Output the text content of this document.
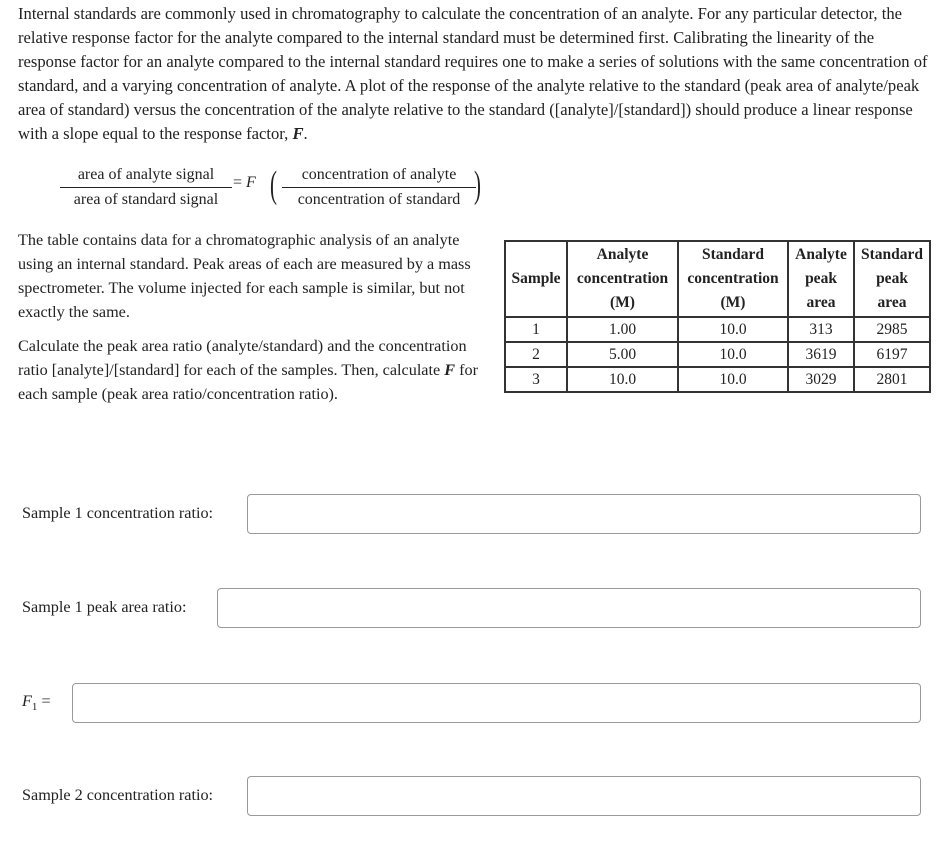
Internal standards are commonly used in chromatography to calculate the concentration of an analyte. For any particular detector, the relative response factor for the analyte compared to the internal standard must be determined first. Calibrating the linearity of the response factor for an analyte compared to the internal standard requires one to make a series of solutions with the same concentration of standard, and a varying concentration of analyte. A plot of the response of the analyte relative to the standard (peak area of analyte/peak area of standard) versus the concentration of the analyte relative to the standard ([analyte]/[standard]) should produce a linear response with a slope equal to the response factor, F.

area of analyte signal
area of standard signal
= F (	concentration of analyte
concentration of standard )

The table contains data for a chromatographic analysis of an analyte using an internal standard. Peak areas of each are measured by a mass spectrometer. The volume injected for each sample is similar, but not exactly the same.

Calculate the peak area ratio (analyte/standard) and the concentration ratio [analyte]/[standard] for each of the samples. Then, calculate F for each sample (peak area ratio/concentration ratio).

Sample	Analyte
concentration
(M)	Standard
concentration
(M)	Analyte
peak
area	Standard
peak
area
1	1.00	10.0	313	2985
2	5.00	10.0	3619	6197
3	10.0	10.0	3029	2801
Sample 1 concentration ratio:
Sample 1 peak area ratio:
$F_1$ =
Sample 2 concentration ratio:
